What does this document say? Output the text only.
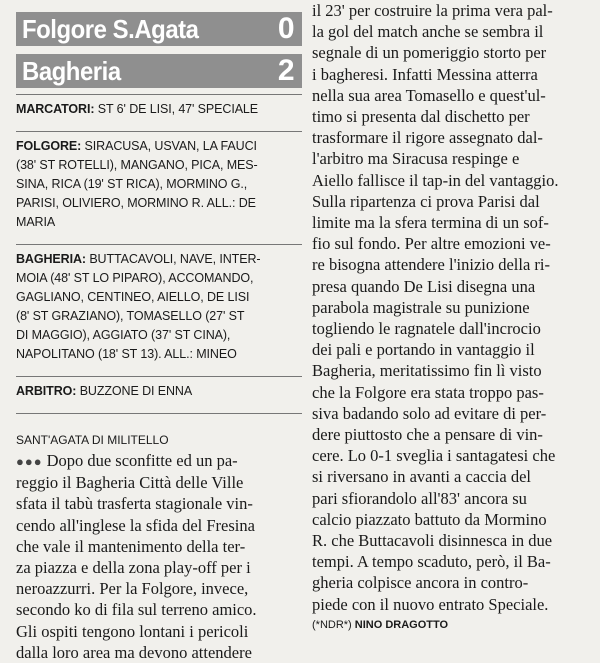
Folgore S.Agata	0
Bagheria	2
MARCATORI: ST 6' DE LISI, 47' SPECIALE
FOLGORE: SIRACUSA, USVAN, LA FAUCI
(38' ST ROTELLI), MANGANO, PICA, MES-
SINA, RICA (19' ST RICA), MORMINO G.,
PARISI, OLIVIERO, MORMINO R. ALL.: DE
MARIA
BAGHERIA: BUTTACAVOLI, NAVE, INTER-
MOIA (48' ST LO PIPARO), ACCOMANDO,
GAGLIANO, CENTINEO, AIELLO, DE LISI
(8' ST GRAZIANO), TOMASELLO (27' ST
DI MAGGIO), AGGIATO (37' ST CINA),
NAPOLITANO (18' ST 13). ALL.: MINEO
ARBITRO: BUZZONE DI ENNA
SANT'AGATA DI MILITELLO
●●● Dopo due sconfitte ed un pa-
reggio il Bagheria Città delle Ville
sfata il tabù trasferta stagionale vin-
cendo all'inglese la sfida del Fresina
che vale il mantenimento della ter-
za piazza e della zona play-off per i
neroazzurri. Per la Folgore, invece,
secondo ko di fila sul terreno amico.
Gli ospiti tengono lontani i pericoli
dalla loro area ma devono attendere
il 23' per costruire la prima vera pal-
la gol del match anche se sembra il
segnale di un pomeriggio storto per
i bagheresi. Infatti Messina atterra
nella sua area Tomasello e quest'ul-
timo si presenta dal dischetto per
trasformare il rigore assegnato dal-
l'arbitro ma Siracusa respinge e
Aiello fallisce il tap-in del vantaggio.
Sulla ripartenza ci prova Parisi dal
limite ma la sfera termina di un sof-
fio sul fondo. Per altre emozioni ve-
re bisogna attendere l'inizio della ri-
presa quando De Lisi disegna una
parabola magistrale su punizione
togliendo le ragnatele dall'incrocio
dei pali e portando in vantaggio il
Bagheria, meritatissimo fin lì visto
che la Folgore era stata troppo pas-
siva badando solo ad evitare di per-
dere piuttosto che a pensare di vin-
cere. Lo 0-1 sveglia i santagatesi che
si riversano in avanti a caccia del
pari sfiorandolo all'83' ancora su
calcio piazzato battuto da Mormino
R. che Buttacavoli disinnesca in due
tempi. A tempo scaduto, però, il Ba-
gheria colpisce ancora in contro-
piede con il nuovo entrato Speciale.
(*NDR*) NINO DRAGOTTO
